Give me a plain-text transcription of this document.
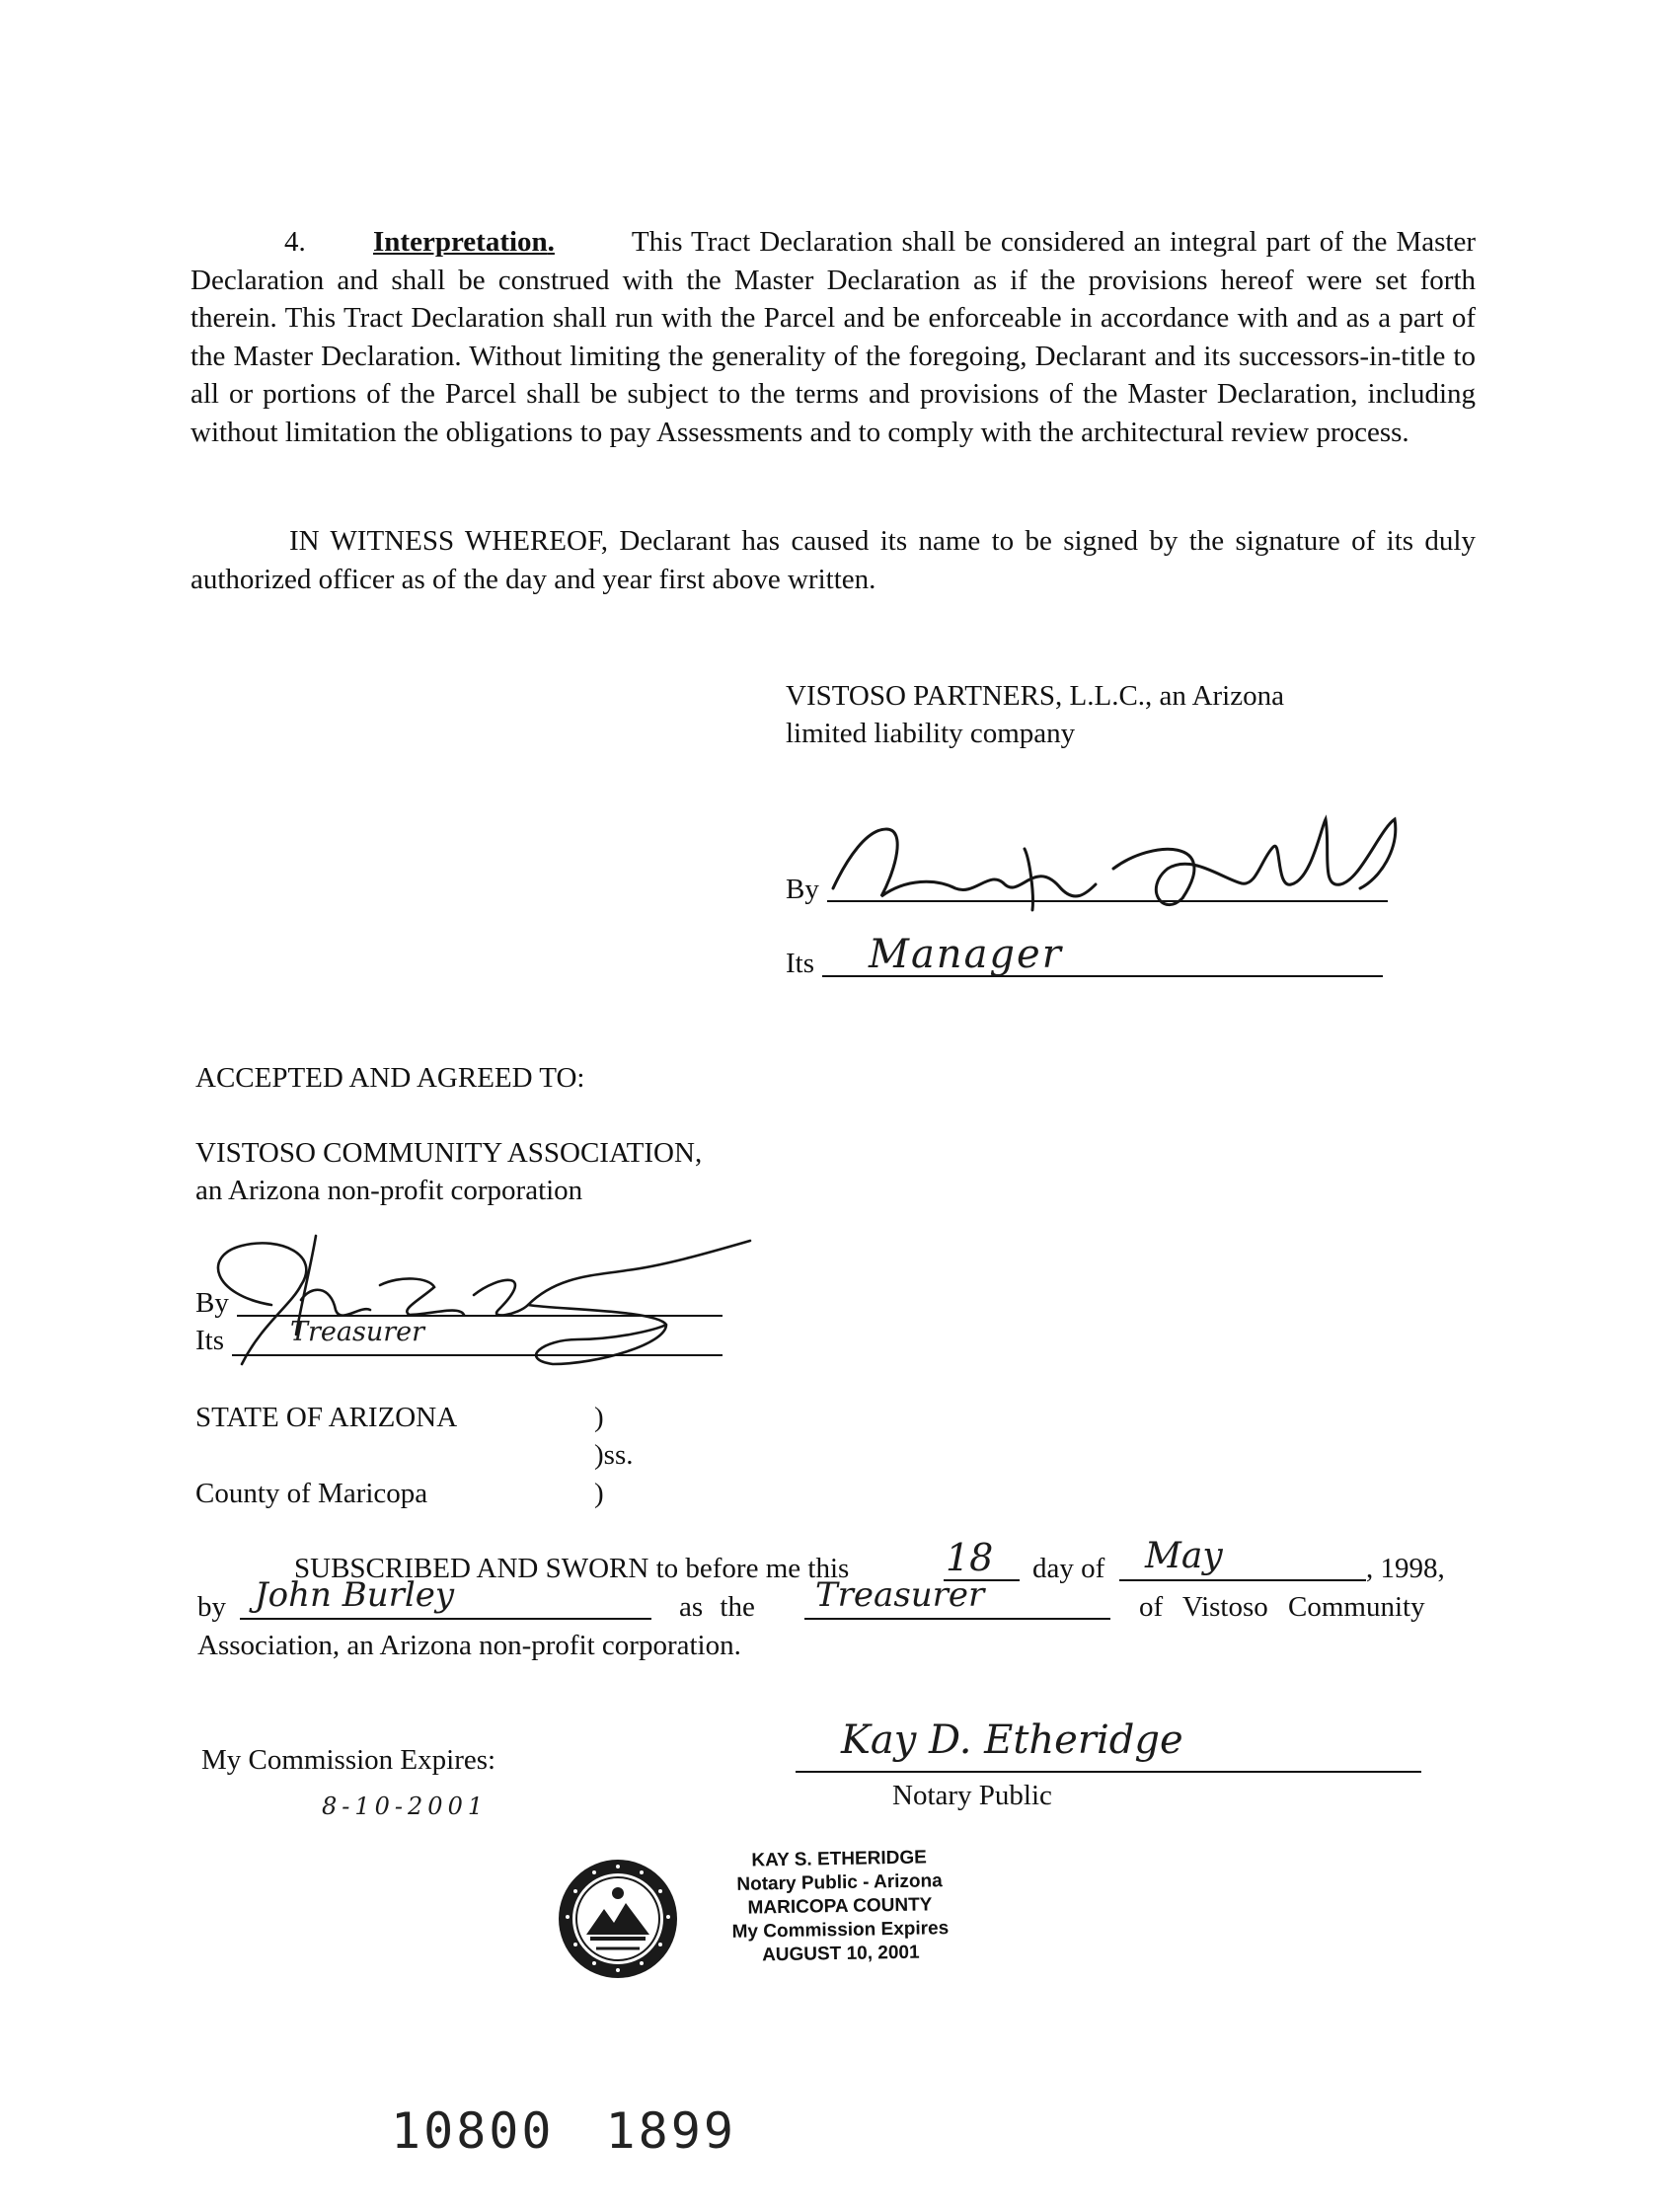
4. Interpretation.	This Tract Declaration shall be considered an integral part of the Master Declaration and shall be construed with the Master Declaration as if the provisions hereof were set forth therein. This Tract Declaration shall run with the Parcel and be enforceable in accordance with and as a part of the Master Declaration. Without limiting the generality of the foregoing, Declarant and its successors-in-title to all or portions of the Parcel shall be subject to the terms and provisions of the Master Declaration, including without limitation the obligations to pay Assessments and to comply with the architectural review process.
IN WITNESS WHEREOF, Declarant has caused its name to be signed by the signature of its duly authorized officer as of the day and year first above written.
VISTOSO PARTNERS, L.L.C., an Arizona
limited liability company
By
Its Manager
ACCEPTED AND AGREED TO:
VISTOSO COMMUNITY ASSOCIATION,
an Arizona non-profit corporation
By
Its Treasurer
STATE OF ARIZONA	)
)ss.
County of Maricopa	)
SUBSCRIBED AND SWORN to before me this	18 day of May	, 1998,
by John Burley	as the Treasurer	of Vistoso Community
Association, an Arizona non-profit corporation.
My Commission Expires:
8-10-2001
Kay D. Etheridge
Notary Public
KAY S. ETHERIDGE
Notary Public - Arizona
MARICOPA COUNTY
My Commission Expires
AUGUST 10, 2001
10800 1899
